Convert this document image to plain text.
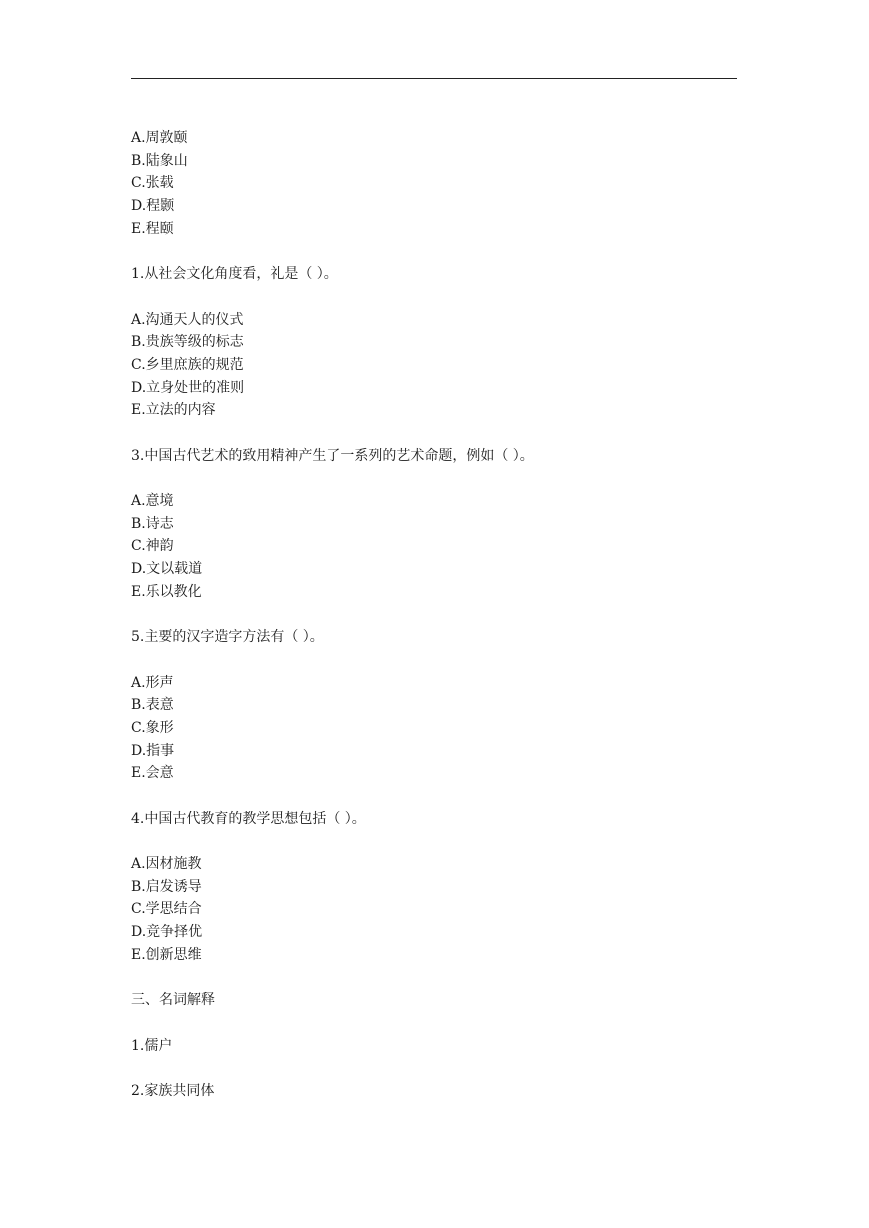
A.周敦颐
B.陆象山
C.张载
D.程颢
E.程颐
1.从社会文化角度看，礼是（ ）。
A.沟通天人的仪式
B.贵族等级的标志
C.乡里庶族的规范
D.立身处世的准则
E.立法的内容
3.中国古代艺术的致用精神产生了一系列的艺术命题，例如（ ）。
A.意境
B.诗志
C.神韵
D.文以载道
E.乐以教化
5.主要的汉字造字方法有（ ）。
A.形声
B.表意
C.象形
D.指事
E.会意
4.中国古代教育的教学思想包括（ ）。
A.因材施教
B.启发诱导
C.学思结合
D.竞争择优
E.创新思维
三、名词解释
1.儒户
2.家族共同体
